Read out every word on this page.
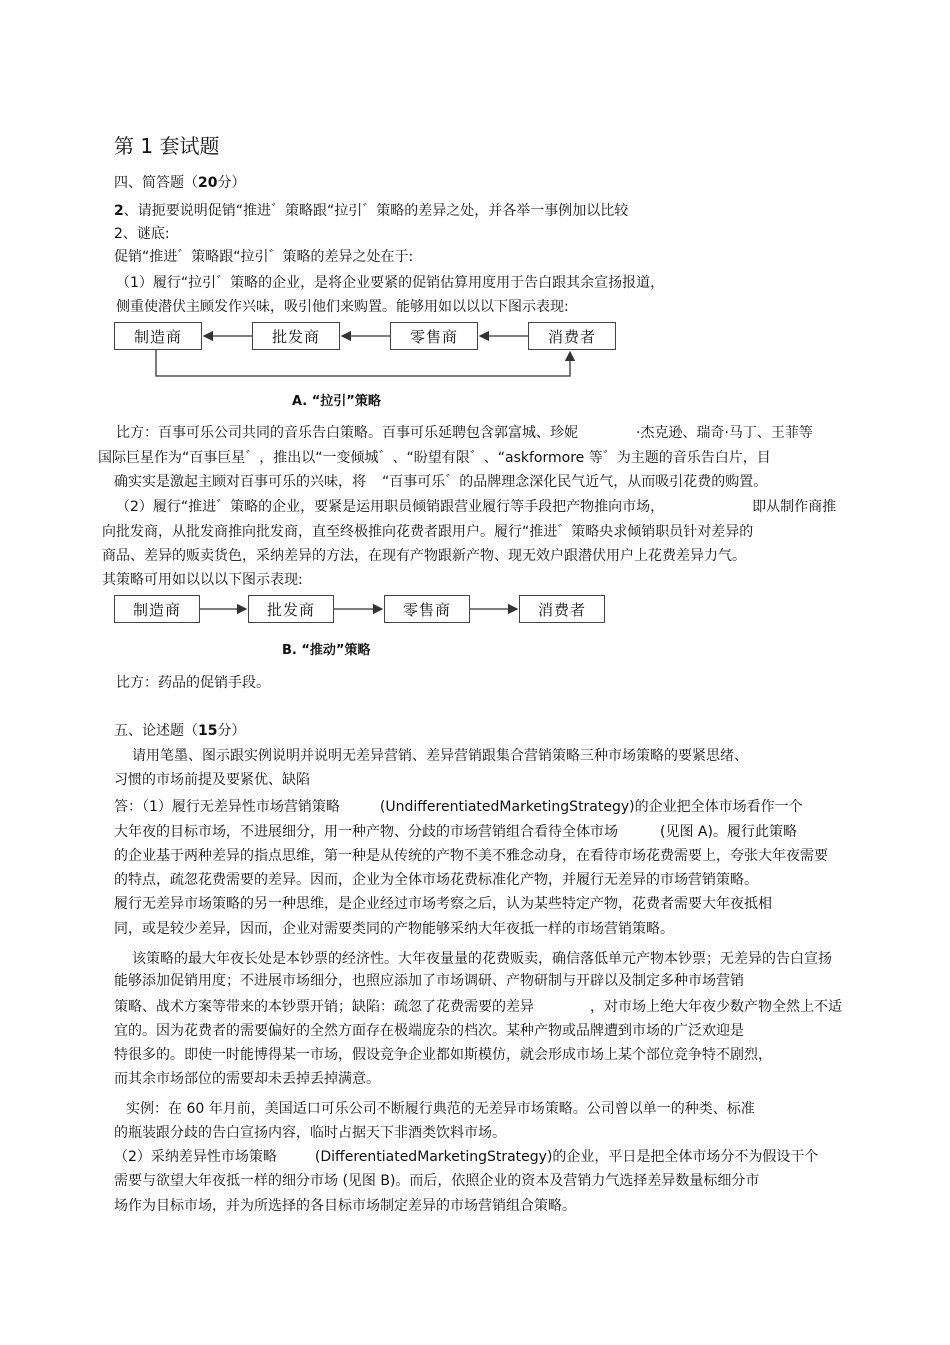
第 1 套试题
四、简答题（20分）
2、请扼要说明促销“推进゛策略跟“拉引゛策略的差异之处，并各举一事例加以比较
2、谜底:
促销“推进゛策略跟“拉引゛策略的差异之处在于:
（1）履行“拉引゛策略的企业，是将企业要紧的促销估算用度用于告白跟其余宣扬报道，
侧重使潜伏主顾发作兴味，吸引他们来购置。能够用如以以以下图示表现:
制造商	批发商	零售商	消费者
A. “拉引”策略
比方：百事可乐公司共同的音乐告白策略。百事可乐延聘包含郭富城、珍妮	·杰克逊、瑞奇·马丁、王菲等
国际巨星作为“百事巨星゛，推出以“一变倾城゛、“盼望有限゛、“askformore 等゛为主题的音乐告白片，目
确实实是激起主顾对百事可乐的兴味，将 “百事可乐゛的品牌理念深化民气近气，从而吸引花费的购置。
（2）履行“推进゛策略的企业，要紧是运用职员倾销跟营业履行等手段把产物推向市场，	即从制作商推
向批发商，从批发商推向批发商，直至终极推向花费者跟用户。履行“推进゛策略央求倾销职员针对差异的
商品、差异的贩卖货色，采纳差异的方法，在现有产物跟新产物、现无效户跟潜伏用户上花费差异力气。
其策略可用如以以以下图示表现:
制造商	批发商	零售商	消费者
B. “推动”策略
比方：药品的促销手段。
五、论述题（15分）
请用笔墨、图示跟实例说明并说明无差异营销、差异营销跟集合营销策略三种市场策略的要紧思绪、
习惯的市场前提及要紧优、缺陷
答：（1）履行无差异性市场营销策略	(UndifferentiatedMarketingStrategy)的企业把全体市场看作一个
大年夜的目标市场，不进展细分，用一种产物、分歧的市场营销组合看待全体市场	(见图 A)。履行此策略
的企业基于两种差异的指点思维，第一种是从传统的产物不美不雅念动身，在看待市场花费需要上，夸张大年夜需要
的特点，疏忽花费需要的差异。因而，企业为全体市场花费标准化产物，并履行无差异的市场营销策略。
履行无差异市场策略的另一种思维，是企业经过市场考察之后，认为某些特定产物，花费者需要大年夜抵相
同，或是较少差异，因而，企业对需要类同的产物能够采纳大年夜抵一样的市场营销策略。
该策略的最大年夜长处是本钞票的经济性。大年夜量量的花费贩卖，确信落低单元产物本钞票；无差异的告白宣扬
能够添加促销用度；不进展市场细分，也照应添加了市场调研、产物研制与开辟以及制定多种市场营销
策略、战术方案等带来的本钞票开销；缺陷：疏忽了花费需要的差异	，对市场上绝大年夜少数产物全然上不适
宜的。因为花费者的需要偏好的全然方面存在极端庞杂的档次。某种产物或品牌遭到市场的广泛欢迎是
特很多的。即使一时能博得某一市场，假设竞争企业都如斯模仿，就会形成市场上某个部位竞争特不剧烈，
而其余市场部位的需要却未丢掉丢掉满意。
实例：在 60 年月前，美国适口可乐公司不断履行典范的无差异市场策略。公司曾以单一的种类、标准
的瓶装跟分歧的告白宣扬内容，临时占据天下非酒类饮料市场。
（2）采纳差异性市场策略	(DifferentiatedMarketingStrategy)的企业，平日是把全体市场分不为假设干个
需要与欲望大年夜抵一样的细分市场 (见图 B)。而后，依照企业的资本及营销力气选择差异数量标细分市
场作为目标市场，并为所选择的各目标市场制定差异的市场营销组合策略。
